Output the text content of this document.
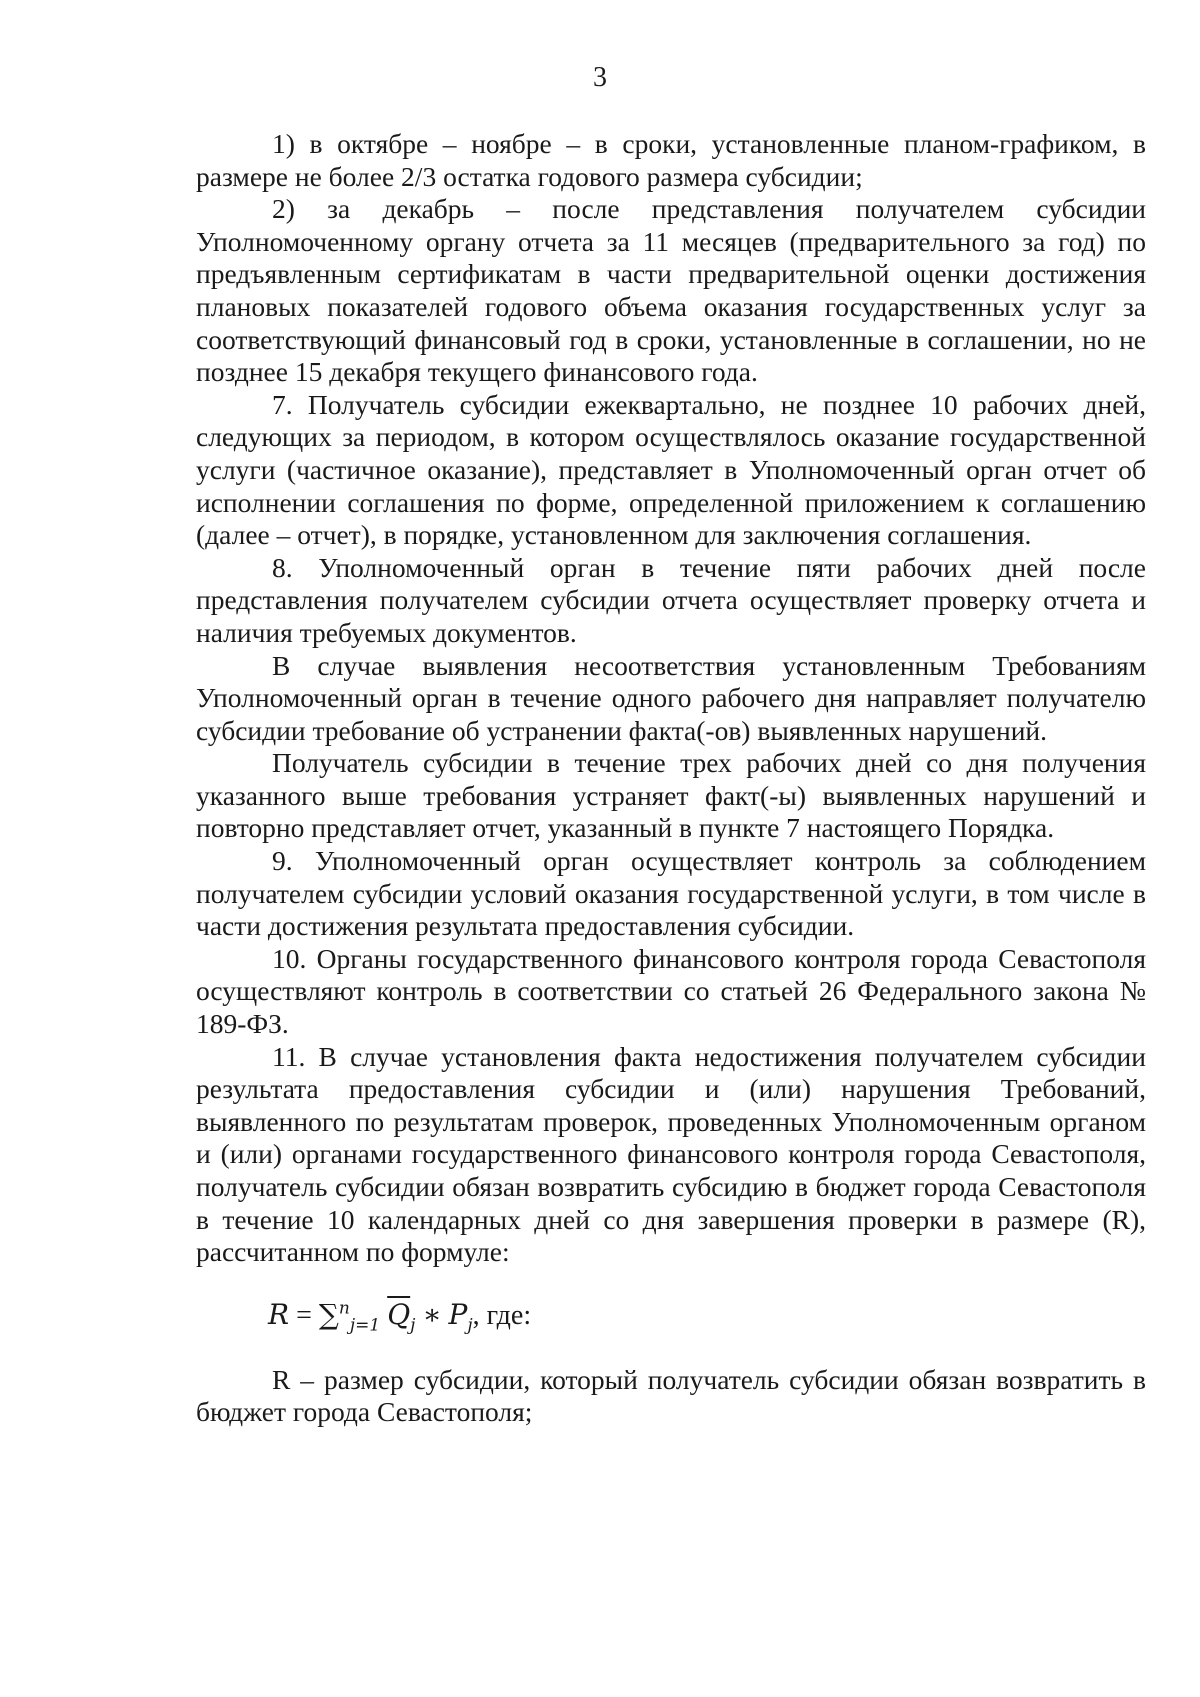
3

1) в октябре – ноябре – в сроки, установленные планом-графиком, в размере не более 2/3 остатка годового размера субсидии;

2) за декабрь – после представления получателем субсидии Уполномоченному органу отчета за 11 месяцев (предварительного за год) по предъявленным сертификатам в части предварительной оценки достижения плановых показателей годового объема оказания государственных услуг за соответствующий финансовый год в сроки, установленные в соглашении, но не позднее 15 декабря текущего финансового года.

7. Получатель субсидии ежеквартально, не позднее 10 рабочих дней, следующих за периодом, в котором осуществлялось оказание государственной услуги (частичное оказание), представляет в Уполномоченный орган отчет об исполнении соглашения по форме, определенной приложением к соглашению (далее – отчет), в порядке, установленном для заключения соглашения.

8. Уполномоченный орган в течение пяти рабочих дней после представления получателем субсидии отчета осуществляет проверку отчета и наличия требуемых документов.

В случае выявления несоответствия установленным Требованиям Уполномоченный орган в течение одного рабочего дня направляет получателю субсидии требование об устранении факта(-ов) выявленных нарушений.

Получатель субсидии в течение трех рабочих дней со дня получения указанного выше требования устраняет факт(-ы) выявленных нарушений и повторно представляет отчет, указанный в пункте 7 настоящего Порядка.

9. Уполномоченный орган осуществляет контроль за соблюдением получателем субсидии условий оказания государственной услуги, в том числе в части достижения результата предоставления субсидии.

10. Органы государственного финансового контроля города Севастополя осуществляют контроль в соответствии со статьей 26 Федерального закона № 189-ФЗ.

11. В случае установления факта недостижения получателем субсидии результата предоставления субсидии и (или) нарушения Требований, выявленного по результатам проверок, проведенных Уполномоченным органом и (или) органами государственного финансового контроля города Севастополя, получатель субсидии обязан возвратить субсидию в бюджет города Севастополя в течение 10 календарных дней со дня завершения проверки в размере (R), рассчитанном по формуле:

R = ∑$^n_{j=1}$ $\overline{Q}_j$ ∗ $P_j$, где:

R – размер субсидии, который получатель субсидии обязан возвратить в бюджет города Севастополя;
